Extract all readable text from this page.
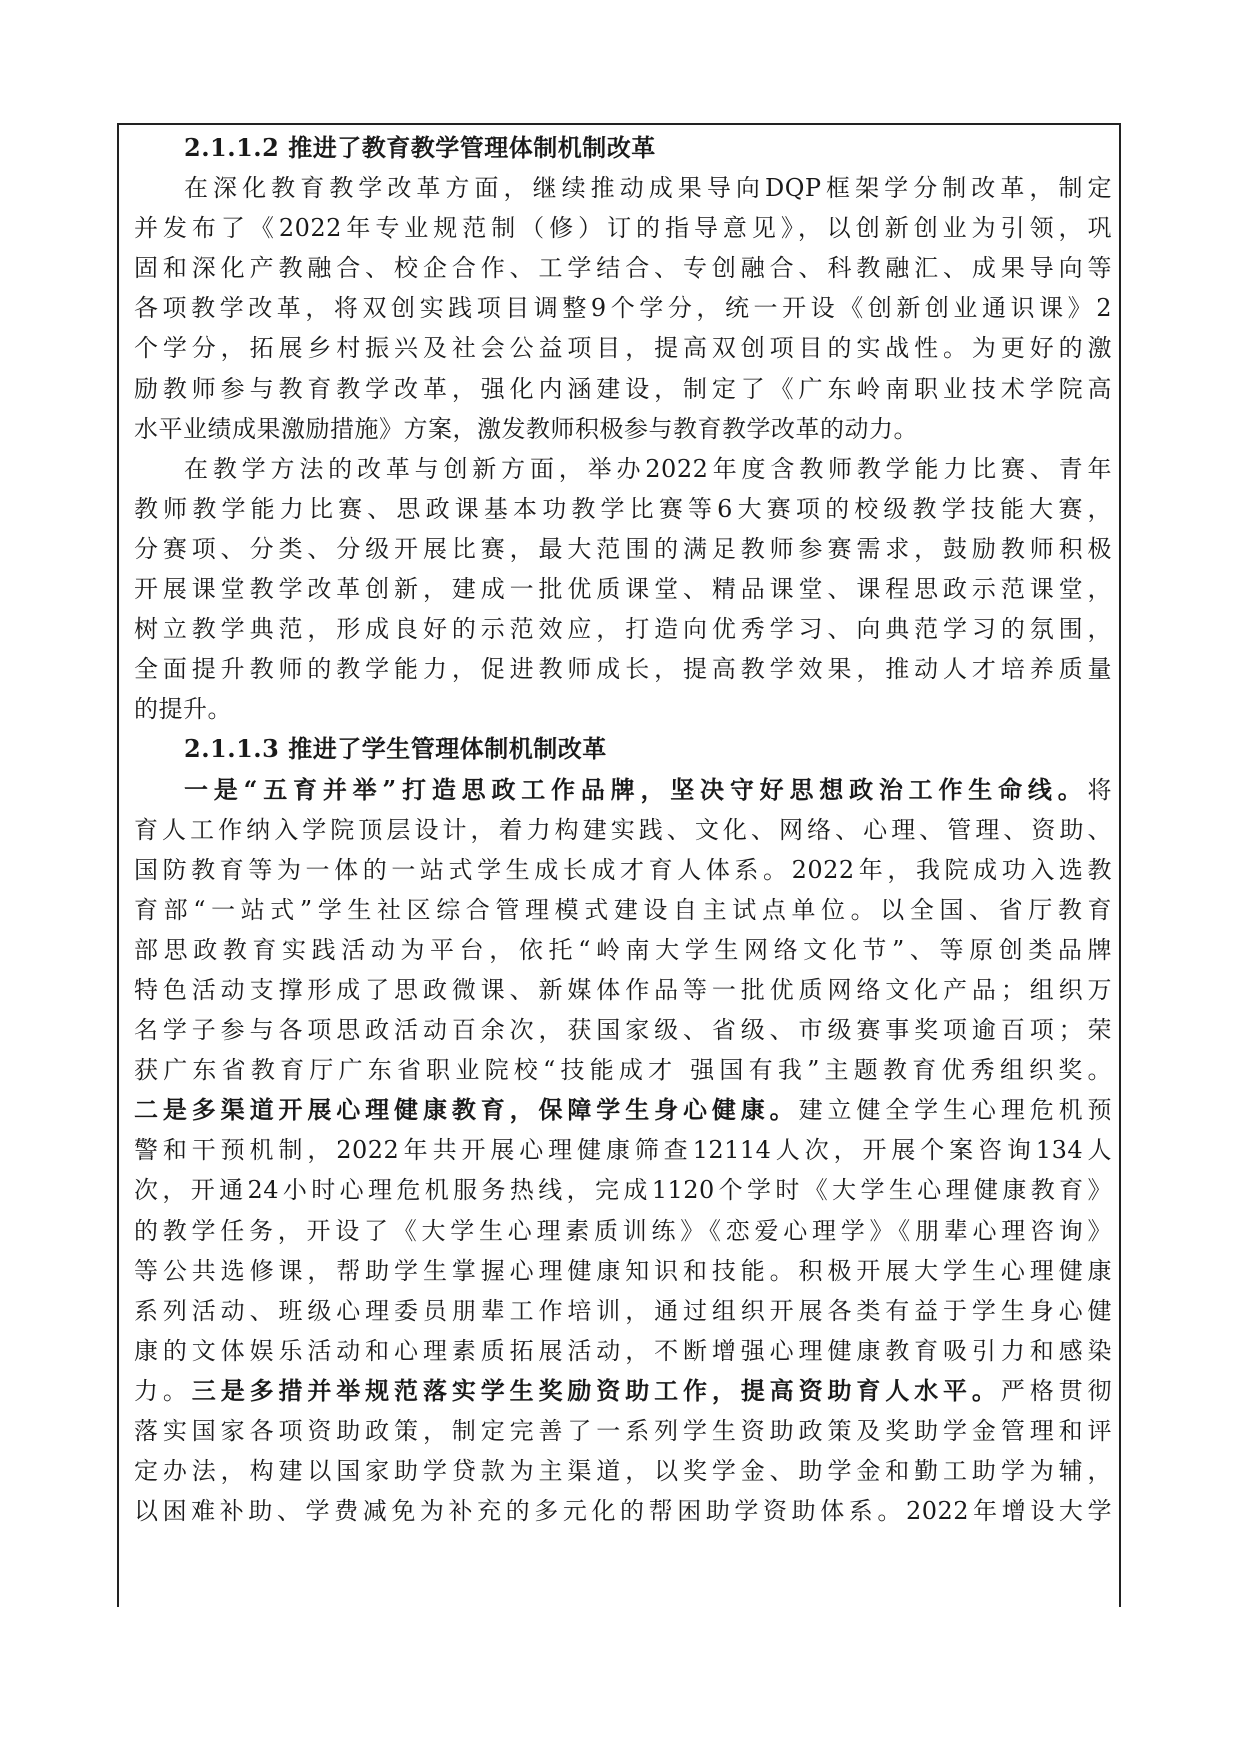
2.1.1.2 推进了教育教学管理体制机制改革
在深化教育教学改革方面，继续推动成果导向DQP框架学分制改革，制定
并发布了《2022年专业规范制（修）订的指导意见》，以创新创业为引领，巩
固和深化产教融合、校企合作、工学结合、专创融合、科教融汇、成果导向等
各项教学改革，将双创实践项目调整9个学分，统一开设《创新创业通识课》2
个学分，拓展乡村振兴及社会公益项目，提高双创项目的实战性。为更好的激
励教师参与教育教学改革，强化内涵建设，制定了《广东岭南职业技术学院高
水平业绩成果激励措施》方案，激发教师积极参与教育教学改革的动力。
在教学方法的改革与创新方面，举办2022年度含教师教学能力比赛、青年
教师教学能力比赛、思政课基本功教学比赛等6大赛项的校级教学技能大赛，
分赛项、分类、分级开展比赛，最大范围的满足教师参赛需求，鼓励教师积极
开展课堂教学改革创新，建成一批优质课堂、精品课堂、课程思政示范课堂，
树立教学典范，形成良好的示范效应，打造向优秀学习、向典范学习的氛围，
全面提升教师的教学能力，促进教师成长，提高教学效果，推动人才培养质量
的提升。
2.1.1.3 推进了学生管理体制机制改革
一是“五育并举”打造思政工作品牌，坚决守好思想政治工作生命线。将
育人工作纳入学院顶层设计，着力构建实践、文化、网络、心理、管理、资助、
国防教育等为一体的一站式学生成长成才育人体系。2022年，我院成功入选教
育部“一站式”学生社区综合管理模式建设自主试点单位。以全国、省厅教育
部思政教育实践活动为平台，依托“岭南大学生网络文化节”、等原创类品牌
特色活动支撑形成了思政微课、新媒体作品等一批优质网络文化产品；组织万
名学子参与各项思政活动百余次，获国家级、省级、市级赛事奖项逾百项；荣
获广东省教育厅广东省职业院校“技能成才 强国有我”主题教育优秀组织奖。
二是多渠道开展心理健康教育，保障学生身心健康。建立健全学生心理危机预
警和干预机制，2022年共开展心理健康筛查12114人次，开展个案咨询134人
次，开通24小时心理危机服务热线，完成1120个学时《大学生心理健康教育》
的教学任务，开设了《大学生心理素质训练》《恋爱心理学》《朋辈心理咨询》
等公共选修课，帮助学生掌握心理健康知识和技能。积极开展大学生心理健康
系列活动、班级心理委员朋辈工作培训，通过组织开展各类有益于学生身心健
康的文体娱乐活动和心理素质拓展活动，不断增强心理健康教育吸引力和感染
力。三是多措并举规范落实学生奖励资助工作，提高资助育人水平。严格贯彻
落实国家各项资助政策，制定完善了一系列学生资助政策及奖助学金管理和评
定办法，构建以国家助学贷款为主渠道，以奖学金、助学金和勤工助学为辅，
以困难补助、学费减免为补充的多元化的帮困助学资助体系。2022年增设大学
